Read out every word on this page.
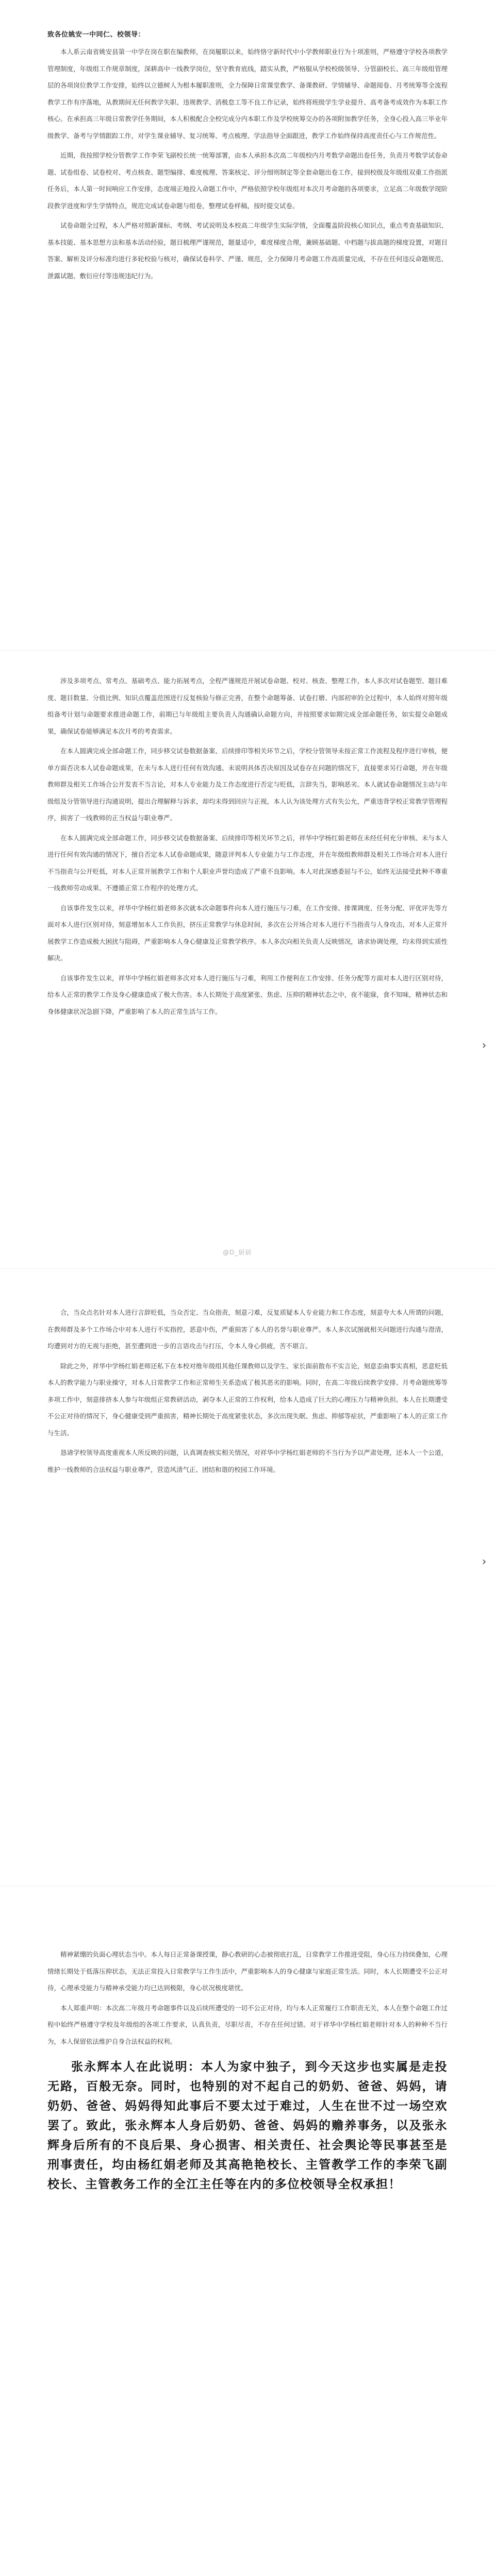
致各位姚安一中同仁、校领导：

本人系云南省姚安县第一中学在岗在职在编教师，在岗履职以来，始终恪守新时代中小学教师职业行为十项准则，严格遵守学校各项教学管理制度，年级组工作规章制度，深耕高中一线教学岗位，坚守教育底线，踏实从教，严格服从学校校级领导、分管副校长、高三年级组管理层的各项岗位教学工作安排，始终以立德树人为根本履职准则，全力保障日常课堂教学、备课教研、学情辅导、命题阅卷、月考统筹等全流程教学工作有序落地，从教期间无任何教学失职、违规教学、消极怠工等不良工作记录，始终将班级学生学业提升、高考备考成效作为本职工作核心。在承担高三年级日常教学任务期间，本人积极配合全校完成分内本职工作及学校统筹交办的各项附加教学任务，全身心投入高三毕业年级教学、备考与学情跟踪工作，对学生课业辅导、复习统筹、考点梳理、学法指导全面跟进，教学工作始终保持高度责任心与工作规范性。

近期，我按照学校分管教学工作李荣飞副校长统一统筹部署，由本人承担本次高二年级校内月考数学命题出卷任务，负责月考数学试卷命题、试卷组卷、试卷校对、考点核查、题型编排、难度梳理、答案核定、评分细则制定等全套命题出卷工作，接到校级及年级组双重工作指派任务后，本人第一时间响应工作安排，态度端正地投入命题工作中，严格依照学校年级组对本次月考命题的各项要求，立足高二年级数学现阶段教学进度和学生学情特点，规范完成试卷命题与组卷，整理试卷样稿，按时提交试卷。

试卷命题全过程，本人严格对照新课标、考纲、考试说明及本校高二年级学生实际学情，全面覆盖阶段核心知识点，重点考查基础知识、基本技能、基本思想方法和基本活动经验，题目梳理严谨规范，题量适中，难度梯度合理，兼顾基础题、中档题与拔高题的梯度设置，对题目答案、解析及评分标准均进行多轮校验与核对，确保试卷科学、严谨、规范，全力保障月考命题工作高质量完成，不存在任何违反命题规范、泄露试题、敷衍应付等违规违纪行为。

涉及多项考点、常考点、基础考点、能力拓展考点，全程严谨规范开展试卷命题、校对、核查、整理工作，本人多次对试卷题型、题目难度、题目数量、分值比例、知识点覆盖范围进行反复核验与修正完善，在整个命题筹备、试卷打磨、内部初审的全过程中，本人始终对照年级组备考计划与命题要求推进命题工作，前期已与年级组主要负责人沟通确认命题方向，并按照要求如期完成全部命题任务，如实提交命题成果，确保试卷能够满足本次月考的考查需求。

在本人圆满完成全部命题工作，同步移交试卷数据备案、后续排印等相关环节之后，学校分管领导未按正常工作流程及程序进行审核，便单方面否决本人试卷命题成果，在未与本人进行任何有效沟通、未说明具体否决原因及试卷存在问题的情况下，直接要求另行命题，并在年级教师群及相关工作场合公开发表不当言论，对本人专业能力及工作态度进行否定与贬低，言辞失当，影响恶劣。本人就试卷命题情况主动与年级组及分管领导进行沟通说明，提出合理解释与诉求，却均未得到回应与正视，本人认为该处理方式有失公允，严重违背学校正常教学管理程序，损害了一线教师的正当权益与职业尊严。

在本人圆满完成全部命题工作，同步移交试卷数据备案、后续排印等相关环节之后，祥华中学杨红娟老师在未经任何充分审核、未与本人进行任何有效沟通的情况下，擅自否定本人试卷命题成果，随意评判本人专业能力与工作态度，并在年级组教师群及相关工作场合对本人进行不当指责与公开贬低，对本人正常开展教学工作和个人职业声誉均造成了严重不良影响。本人对此深感委屈与不公，始终无法接受此种不尊重一线教师劳动成果、不遵循正常工作程序的处理方式。

自该事件发生以来，祥华中学杨红娟老师多次就本次命题事件向本人进行施压与刁难，在工作安排、排课调度、任务分配、评优评先等方面对本人进行区别对待，刻意增加本人工作负担，挤压正常教学与休息时间，多次在公开场合对本人进行不当指责与人身攻击，对本人正常开展教学工作造成极大困扰与阻碍，严重影响本人身心健康及正常教学秩序。本人多次向相关负责人反映情况，请求协调处理，均未得到实质性解决。

自该事件发生以来，祥华中学杨红娟老师多次对本人进行施压与刁难，利用工作便利在工作安排、任务分配等方面对本人进行区别对待，给本人正常的教学工作及身心健康造成了极大伤害。本人长期处于高度紧张、焦虑、压抑的精神状态之中，夜不能寐，食不知味，精神状态和身体健康状况急剧下降，严重影响了本人的正常生活与工作。

@D_厨厨
›

合，当众点名针对本人进行言辞贬低，当众否定、当众指责，刻意刁难，反复质疑本人专业能力和工作态度，刻意夸大本人所谓的问题，在教师群及多个工作场合中对本人进行不实指控，恶意中伤，严重损害了本人的名誉与职业尊严。本人多次试图就相关问题进行沟通与澄清，均遭到对方的无视与拒绝，甚至遭到进一步的言语攻击与打压，令本人身心俱疲，苦不堪言。

除此之外，祥华中学杨红娟老师还私下在本校对维年级组其他任课教师以及学生、家长面前散布不实言论，刻意歪曲事实真相，恶意贬低本人的教学能力与职业操守，对本人日常教学工作和正常师生关系造成了极其恶劣的影响。同时，在高二年级后续教学安排、月考命题统筹等多项工作中，刻意排挤本人参与年级组正常教研活动，剥夺本人正常的工作权利，给本人造成了巨大的心理压力与精神负担。本人在长期遭受不公正对待的情况下，身心健康受到严重损害，精神长期处于高度紧张状态，多次出现失眠、焦虑、抑郁等症状，严重影响了本人的正常工作与生活。

恳请学校领导高度重视本人所反映的问题，认真调查核实相关情况，对祥华中学杨红娟老师的不当行为予以严肃处理，还本人一个公道，维护一线教师的合法权益与职业尊严，营造风清气正、团结和谐的校园工作环境。

›

精神紧绷的负面心理状态当中。本人每日正常备课授课，静心教研的心态被彻底打乱，日常教学工作推进受阻，身心压力持续叠加，心理情绪长期处于低落压抑状态，无法正常投入日常教学与工作生活中，严重影响本人的身心健康与家庭正常生活。同时，本人长期遭受不公正对待，心理承受能力与精神承受能力均已达到极限，身心状况极度堪忧。

本人郑重声明：本次高二年级月考命题事件以及后续所遭受的一切不公正对待，均与本人正常履行工作职责无关，本人在整个命题工作过程中始终严格遵守学校及年级组的各项工作要求，认真负责，尽职尽责，不存在任何过错。对于祥华中学杨红娟老师针对本人的种种不当行为，本人保留依法维护自身合法权益的权利。

张永辉本人在此说明：本人为家中独子，到今天这步也实属是走投无路，百般无奈。同时，也特别的对不起自己的奶奶、爸爸、妈妈，请奶奶、爸爸、妈妈得知此事后不要太过于难过，人生在世不过一场空欢罢了。致此，张永辉本人身后奶奶、爸爸、妈妈的赡养事务，以及张永辉身后所有的不良后果、身心损害、相关责任、社会舆论等民事甚至是刑事责任，均由杨红娟老师及其高艳艳校长、主管教学工作的李荣飞副校长、主管教务工作的全江主任等在内的多位校领导全权承担！
